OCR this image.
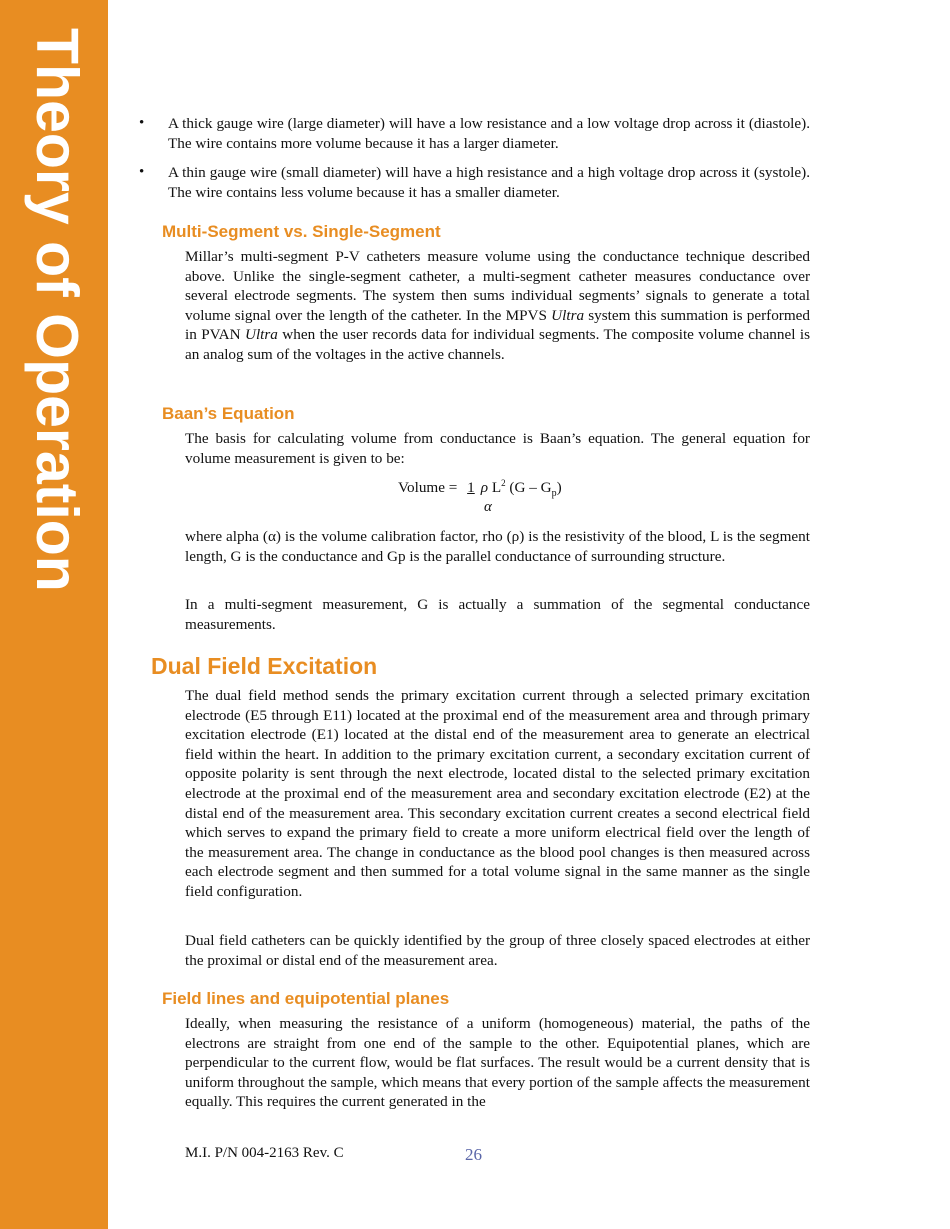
Theory of Operation	• A thick gauge wire (large diameter) will have a low resistance and a low voltage drop across it (diastole). The wire contains more volume because it has a larger diameter.

• A thin gauge wire (small diameter) will have a high resistance and a high voltage drop across it (systole). The wire contains less volume because it has a smaller diameter.

Multi-Segment vs. Single-Segment

Millar’s multi-segment P-V catheters measure volume using the conductance technique described above. Unlike the single-segment catheter, a multi-segment catheter measures conductance over several electrode segments. The system then sums individual segments’ signals to generate a total volume signal over the length of the catheter. In the MPVS Ultra system this summation is performed in PVAN Ultra when the user records data for individual segments. The composite volume channel is an analog sum of the voltages in the active channels.

Baan’s Equation

The basis for calculating volume from conductance is Baan’s equation. The general equation for volume measurement is given to be:

Volume = 1 ρ $L^2$ $(G - G_p)$
α

where alpha (α) is the volume calibration factor, rho (ρ) is the resistivity of the blood, L is the segment length, G is the conductance and Gp is the parallel conductance of surrounding structure.

In a multi-segment measurement, G is actually a summation of the segmental conductance measurements.

Dual Field Excitation

The dual field method sends the primary excitation current through a selected primary excitation electrode (E5 through E11) located at the proximal end of the measurement area and through primary excitation electrode (E1) located at the distal end of the measurement area to generate an electrical field within the heart. In addition to the primary excitation current, a secondary excitation current of opposite polarity is sent through the next electrode, located distal to the selected primary excitation electrode at the proximal end of the measurement area and secondary excitation electrode (E2) at the distal end of the measurement area. This secondary excitation current creates a second electrical field which serves to expand the primary field to create a more uniform electrical field over the length of the measurement area. The change in conductance as the blood pool changes is then measured across each electrode segment and then summed for a total volume signal in the same manner as the single field configuration.

Dual field catheters can be quickly identified by the group of three closely spaced electrodes at either the proximal or distal end of the measurement area.

Field lines and equipotential planes

Ideally, when measuring the resistance of a uniform (homogeneous) material, the paths of the electrons are straight from one end of the sample to the other. Equipotential planes, which are perpendicular to the current flow, would be flat surfaces. The result would be a current density that is uniform throughout the sample, which means that every portion of the sample affects the measurement equally. This requires the current generated in the

M.I. P/N 004-2163 Rev. C	26
